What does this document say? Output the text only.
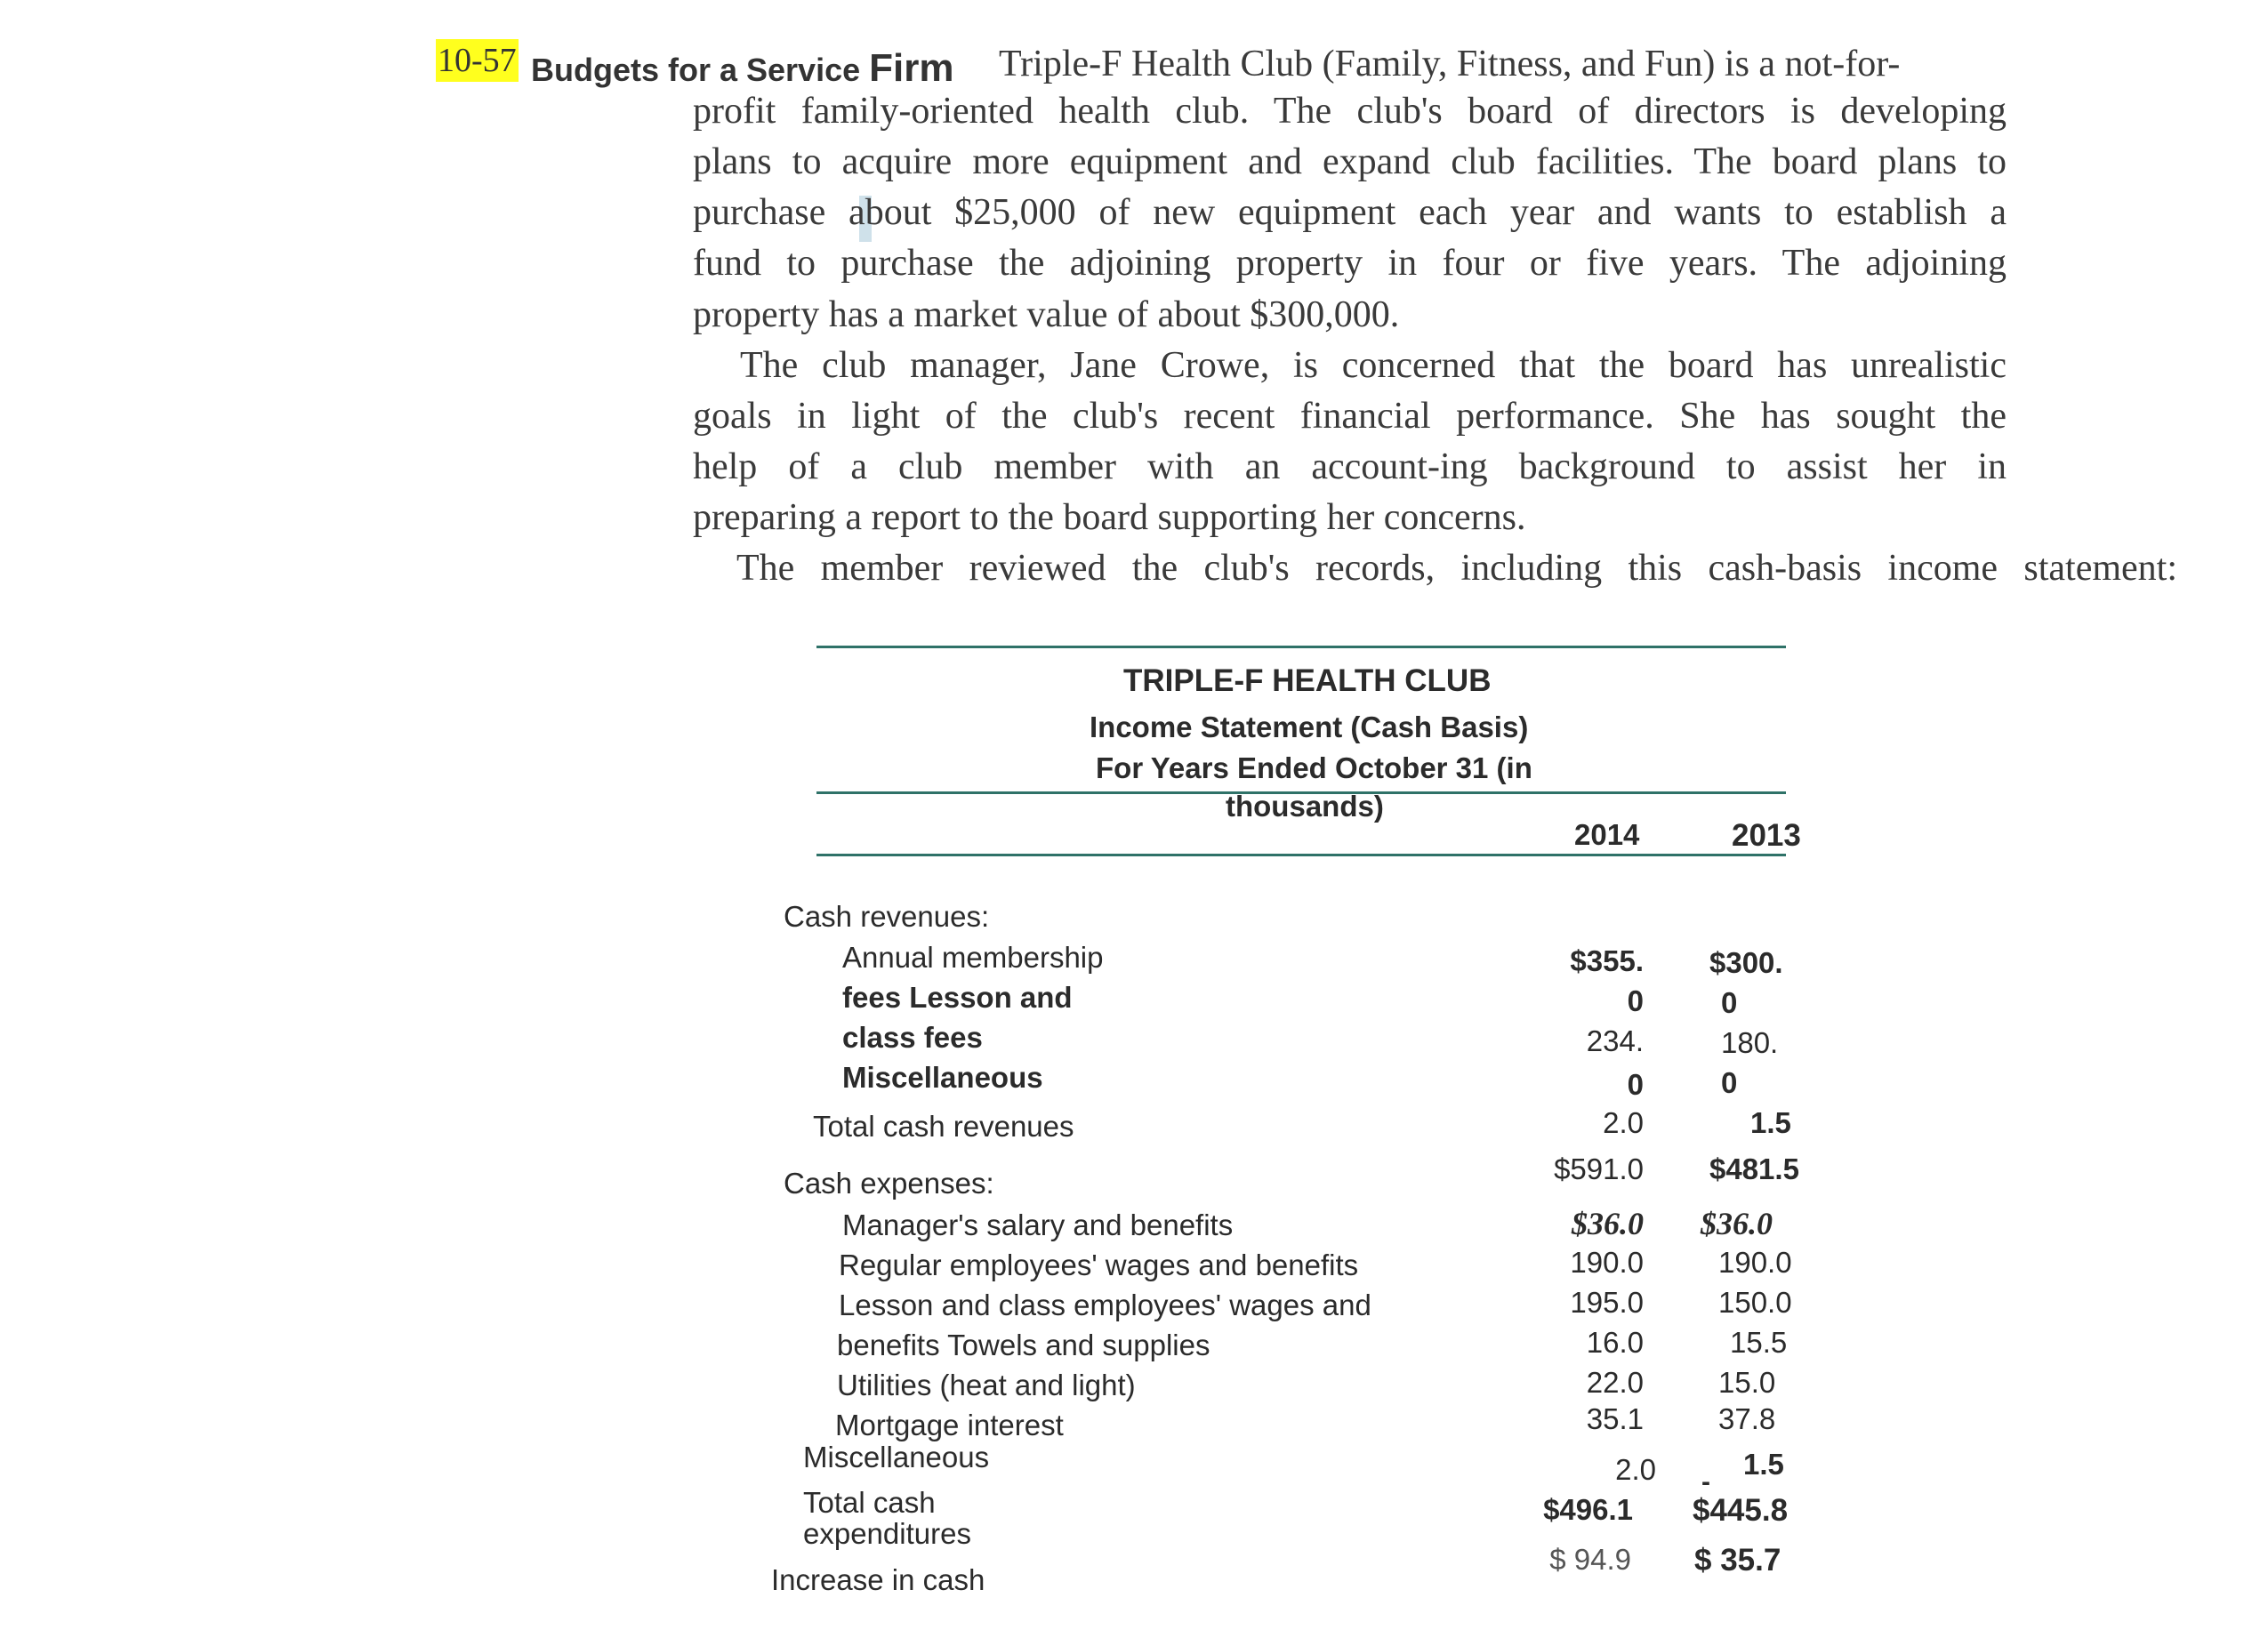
10-57 Budgets for a Service Firm Triple-F Health Club (Family, Fitness, and Fun) is a not-for-
profit family-oriented health club. The club's board of directors is developing
plans to acquire more equipment and expand club facilities. The board plans to
purchase about $25,000 of new equipment each year and wants to establish a
fund to purchase the adjoining property in four or five years. The adjoining
property has a market value of about $300,000.
The club manager, Jane Crowe, is concerned that the board has unrealistic
goals in light of the club's recent financial performance. She has sought the
help of a club member with an account-ing background to assist her in
preparing a report to the board supporting her concerns.
The member reviewed the club's records, including this cash-basis income statement:
TRIPLE-F HEALTH CLUB
Income Statement (Cash Basis)
For Years Ended October 31 (in
thousands)
2014	2013
Cash revenues:
Annual membership
fees Lesson and
class fees
Miscellaneous
$355.
0
234.
0
2.0
$300.
0
180.
0
1.5
Total cash revenues
$591.0 $481.5
Cash expenses:
Manager's salary and benefits
Regular employees' wages and benefits
Lesson and class employees' wages and
benefits Towels and supplies
Utilities (heat and light)
Mortgage interest
Miscellaneous
$36.0
190.0
195.0
16.0
22.0
35.1
2.0
$36.0
190.0
150.0
15.5
15.0
37.8
1.5
-
Total cash
expenditures
$496.1 $445.8
Increase in cash
$ 94.9 $ 35.7
